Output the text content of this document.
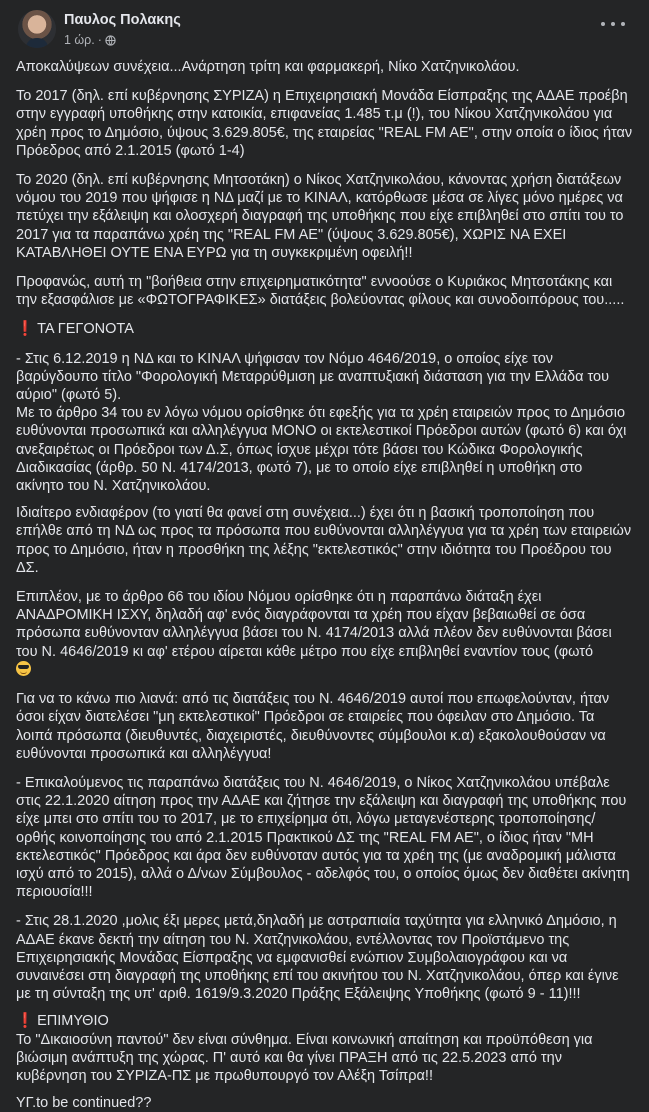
Παυλος Πολακης
1 ώρ. ·

Αποκαλύψεων συνέχεια...Ανάρτηση τρίτη και φαρμακερή, Νίκο Χατζηνικολάου.

Το 2017 (δηλ. επί κυβέρνησης ΣΥΡΙΖΑ) η Επιχειρησιακή Μονάδα Είσπραξης της ΑΔΑΕ προέβη στην εγγραφή υποθήκης στην κατοικία, επιφανείας 1.485 τ.μ (!), του Νίκου Χατζηνικολάου για χρέη προς το Δημόσιο, ύψους 3.629.805€, της εταιρείας "REAL FM AE", στην οποία ο ίδιος ήταν Πρόεδρος από 2.1.2015 (φωτό 1-4)

Το 2020 (δηλ. επί κυβέρνησης Μητσοτάκη) ο Νίκος Χατζηνικολάου, κάνοντας χρήση διατάξεων νόμου του 2019 που ψήφισε η ΝΔ μαζί με το ΚΙΝΑΛ, κατόρθωσε μέσα σε λίγες μόνο ημέρες να πετύχει την εξάλειψη και ολοσχερή διαγραφή της υποθήκης που είχε επιβληθεί στο σπίτι του το 2017 για τα παραπάνω χρέη της "REAL FM AE" (ύψους 3.629.805€), ΧΩΡΙΣ ΝΑ ΕΧΕΙ ΚΑΤΑΒΛΗΘΕΙ ΟΥΤΕ ΕΝΑ ΕΥΡΩ για τη συγκεκριμένη οφειλή!!

Προφανώς, αυτή τη "βοήθεια στην επιχειρηματικότητα" εννοούσε ο Κυριάκος Μητσοτάκης και την εξασφάλισε με «ΦΩΤΟΓΡΑΦΙΚΕΣ» διατάξεις βολεύοντας φίλους και συνοδοιπόρους του.....

❗ ΤΑ ΓΕΓΟΝΟΤΑ

- Στις 6.12.2019 η ΝΔ και το ΚΙΝΑΛ ψήφισαν τον Νόμο 4646/2019, ο οποίος είχε τον βαρύγδουπο τίτλο "Φορολογική Μεταρρύθμιση με αναπτυξιακή διάσταση για την Ελλάδα του αύριο" (φωτό 5).
Με το άρθρο 34 του εν λόγω νόμου ορίσθηκε ότι εφεξής για τα χρέη εταιρειών προς το Δημόσιο ευθύνονται προσωπικά και αλληλέγγυα ΜΟΝΟ οι εκτελεστικοί Πρόεδροι αυτών (φωτό 6) και όχι ανεξαιρέτως οι Πρόεδροι των Δ.Σ, όπως ίσχυε μέχρι τότε βάσει του Κώδικα Φορολογικής Διαδικασίας (άρθρ. 50 Ν. 4174/2013, φωτό 7), με το οποίο είχε επιβληθεί η υποθήκη στο ακίνητο του Ν. Χατζηνικολάου.

Ιδιαίτερο ενδιαφέρον (το γιατί θα φανεί στη συνέχεια...) έχει ότι η βασική τροποποίηση που επήλθε από τη ΝΔ ως προς τα πρόσωπα που ευθύνονται αλληλέγγυα για τα χρέη των εταιρειών προς το Δημόσιο, ήταν η προσθήκη της λέξης "εκτελεστικός" στην ιδιότητα του Προέδρου του ΔΣ.

Επιπλέον, με το άρθρο 66 του ιδίου Νόμου ορίσθηκε ότι η παραπάνω διάταξη έχει ΑΝΑΔΡΟΜΙΚΗ ΙΣΧΥ, δηλαδή αφ' ενός διαγράφονται τα χρέη που είχαν βεβαιωθεί σε όσα πρόσωπα ευθύνονταν αλληλέγγυα βάσει του Ν. 4174/2013 αλλά πλέον δεν ευθύνονται βάσει του Ν. 4646/2019 κι αφ' ετέρου αίρεται κάθε μέτρο που είχε επιβληθεί εναντίον τους (φωτό

Για να το κάνω πιο λιανά: από τις διατάξεις του Ν. 4646/2019 αυτοί που επωφελούνταν, ήταν όσοι είχαν διατελέσει "μη εκτελεστικοί" Πρόεδροι σε εταιρείες που όφειλαν στο Δημόσιο. Τα λοιπά πρόσωπα (διευθυντές, διαχειριστές, διευθύνοντες σύμβουλοι κ.α) εξακολουθούσαν να ευθύνονται προσωπικά και αλληλέγγυα!

- Επικαλούμενος τις παραπάνω διατάξεις του Ν. 4646/2019, ο Νίκος Χατζηνικολάου υπέβαλε στις 22.1.2020 αίτηση προς την ΑΔΑΕ και ζήτησε την εξάλειψη και διαγραφή της υποθήκης που είχε μπει στο σπίτι του το 2017, με το επιχείρημα ότι, λόγω μεταγενέστερης τροποποίησης/ορθής κοινοποίησης του από 2.1.2015 Πρακτικού ΔΣ της "REAL FM AE", ο ίδιος ήταν "ΜΗ εκτελεστικός" Πρόεδρος και άρα δεν ευθύνοταν αυτός για τα χρέη της (με αναδρομική μάλιστα ισχύ από το 2015), αλλά ο Δ/νων Σύμβουλος - αδελφός του, ο οποίος όμως δεν διαθέτει ακίνητη περιουσία!!!

- Στις 28.1.2020 ,μολις έξι μερες μετά,δηλαδή με αστραπιαία ταχύτητα για ελληνικό Δημόσιο, η ΑΔΑΕ έκανε δεκτή την αίτηση του Ν. Χατζηνικολάου, εντέλλοντας τον Προϊστάμενο της Επιχειρησιακής Μονάδας Είσπραξης να εμφανισθεί ενώπιον Συμβολαιογράφου και να συναινέσει στη διαγραφή της υποθήκης επί του ακινήτου του Ν. Χατζηνικολάου, όπερ και έγινε με τη σύνταξη της υπ' αριθ. 1619/9.3.2020 Πράξης Εξάλειψης Υποθήκης (φωτό 9 - 11)!!!

❗ ΕΠΙΜΥΘΙΟ
Το "Δικαιοσύνη παντού" δεν είναι σύνθημα. Είναι κοινωνική απαίτηση και προϋπόθεση για βιώσιμη ανάπτυξη της χώρας. Π' αυτό και θα γίνει ΠΡΑΞΗ από τις 22.5.2023 από την κυβέρνηση του ΣΥΡΙΖΑ-ΠΣ με πρωθυπουργό τον Αλέξη Τσίπρα!!

ΥΓ.to be continued??
